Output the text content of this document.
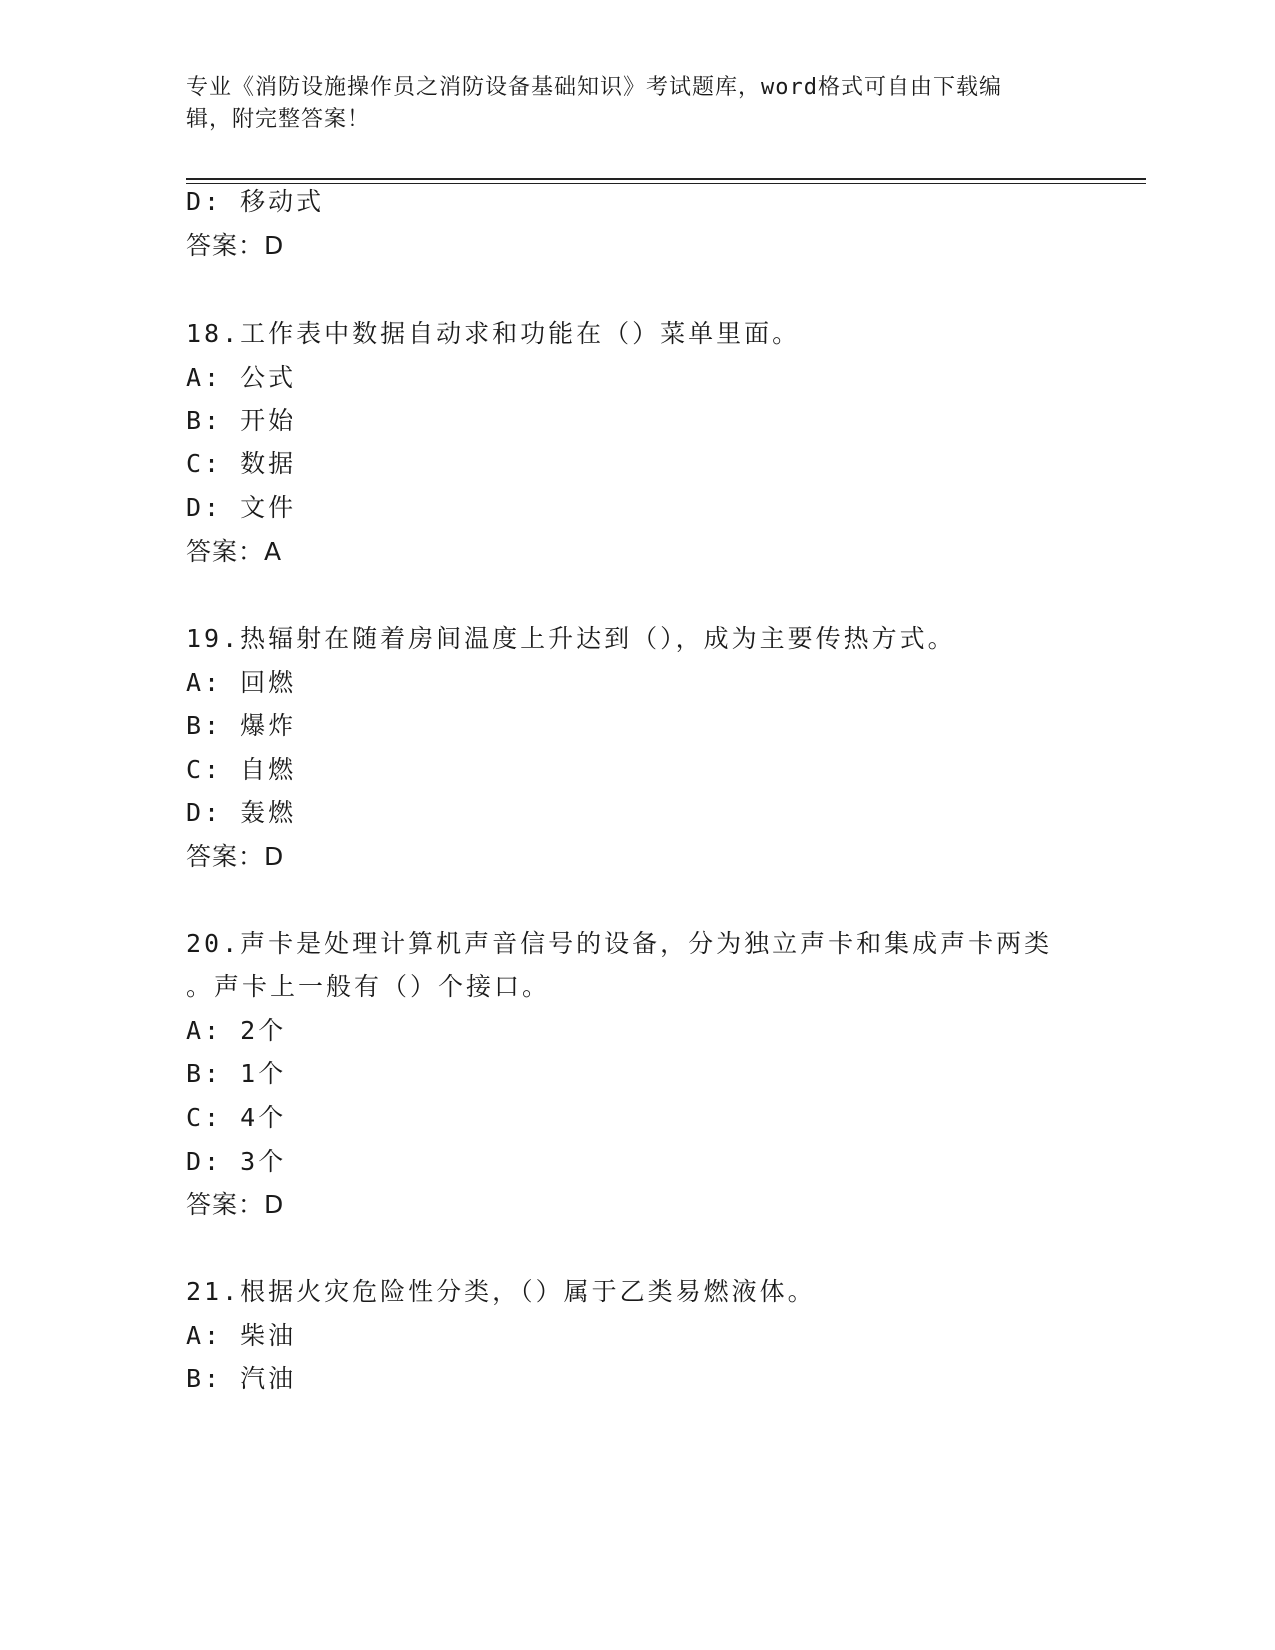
专业《消防设施操作员之消防设备基础知识》考试题库，word格式可自由下载编
辑，附完整答案！
D: 移动式
答案：D
18.工作表中数据自动求和功能在（）菜单里面。
A: 公式
B: 开始
C: 数据
D: 文件
答案：A
19.热辐射在随着房间温度上升达到（），成为主要传热方式。
A: 回燃
B: 爆炸
C: 自燃
D: 轰燃
答案：D
20.声卡是处理计算机声音信号的设备，分为独立声卡和集成声卡两类
。声卡上一般有（）个接口。
A: 2个
B: 1个
C: 4个
D: 3个
答案：D
21.根据火灾危险性分类，（）属于乙类易燃液体。
A: 柴油
B: 汽油
